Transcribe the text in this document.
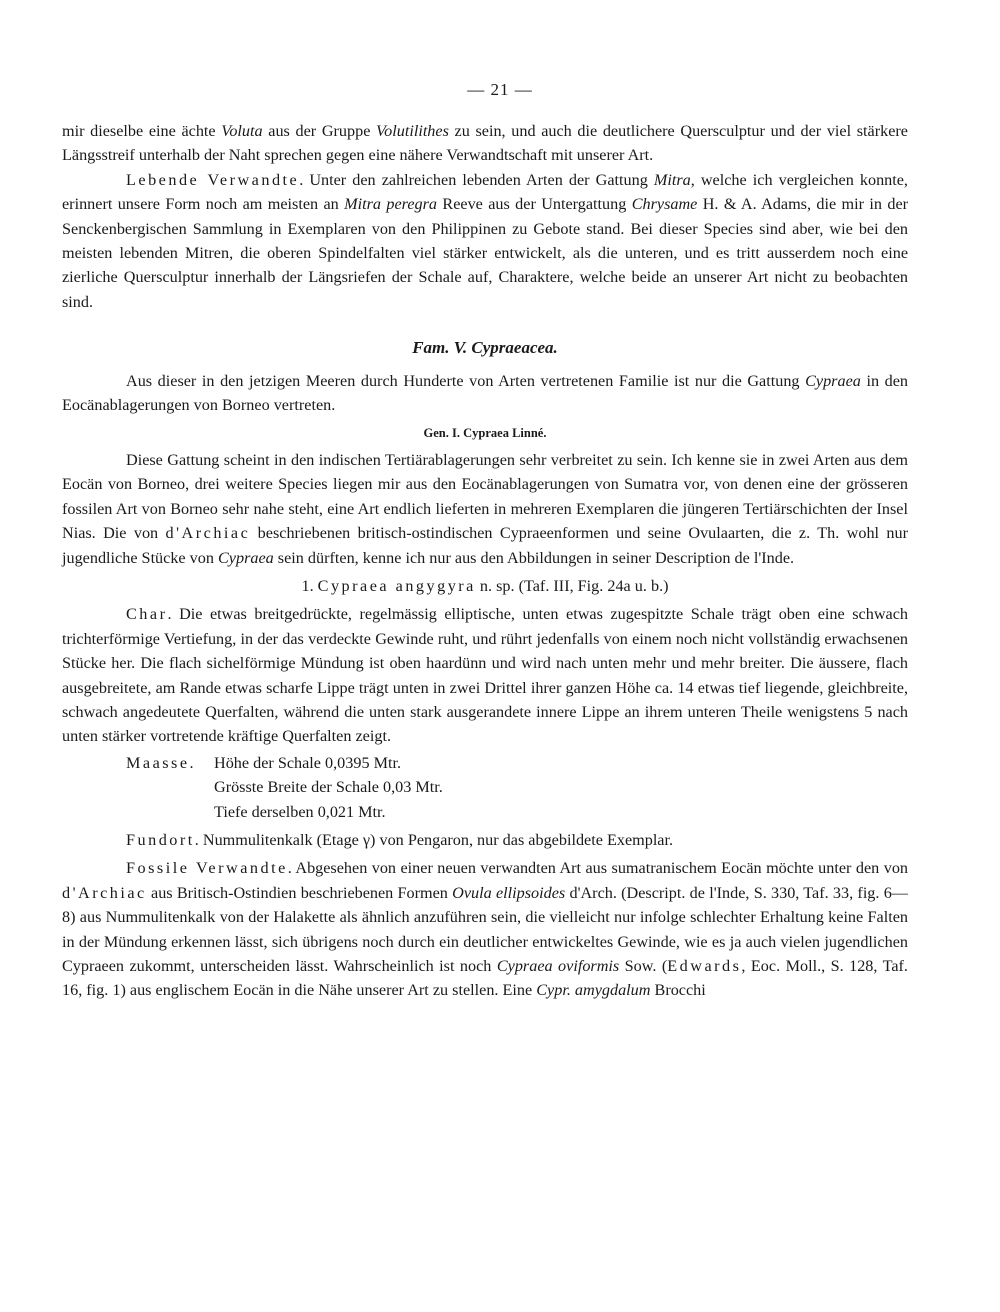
— 21 —

mir dieselbe eine ächte Voluta aus der Gruppe Volutilithes zu sein, und auch die deutlichere Quersculptur und der viel stärkere Längsstreif unterhalb der Naht sprechen gegen eine nähere Verwandtschaft mit unserer Art.

Lebende Verwandte. Unter den zahlreichen lebenden Arten der Gattung Mitra, welche ich vergleichen konnte, erinnert unsere Form noch am meisten an Mitra peregra Reeve aus der Untergattung Chrysame H. & A. Adams, die mir in der Senckenbergischen Sammlung in Exemplaren von den Philippinen zu Gebote stand. Bei dieser Species sind aber, wie bei den meisten lebenden Mitren, die oberen Spindelfalten viel stärker entwickelt, als die unteren, und es tritt ausserdem noch eine zierliche Quersculptur innerhalb der Längsriefen der Schale auf, Charaktere, welche beide an unserer Art nicht zu beobachten sind.

Fam. V. Cypraeacea.

Aus dieser in den jetzigen Meeren durch Hunderte von Arten vertretenen Familie ist nur die Gattung Cypraea in den Eocänablagerungen von Borneo vertreten.

Gen. I. Cypraea Linné.

Diese Gattung scheint in den indischen Tertiärablagerungen sehr verbreitet zu sein. Ich kenne sie in zwei Arten aus dem Eocän von Borneo, drei weitere Species liegen mir aus den Eocänablagerungen von Sumatra vor, von denen eine der grösseren fossilen Art von Borneo sehr nahe steht, eine Art endlich lieferten in mehreren Exemplaren die jüngeren Tertiärschichten der Insel Nias. Die von d'Archiac beschriebenen britisch-ostindischen Cypraeenformen und seine Ovulaarten, die z. Th. wohl nur jugendliche Stücke von Cypraea sein dürften, kenne ich nur aus den Abbildungen in seiner Description de l'Inde.

1. Cypraea angygyra n. sp. (Taf. III, Fig. 24a u. b.)

Char. Die etwas breitgedrückte, regelmässig elliptische, unten etwas zugespitzte Schale trägt oben eine schwach trichterförmige Vertiefung, in der das verdeckte Gewinde ruht, und rührt jedenfalls von einem noch nicht vollständig erwachsenen Stücke her. Die flach sichelförmige Mündung ist oben haardünn und wird nach unten mehr und mehr breiter. Die äussere, flach ausgebreitete, am Rande etwas scharfe Lippe trägt unten in zwei Drittel ihrer ganzen Höhe ca. 14 etwas tief liegende, gleichbreite, schwach angedeutete Querfalten, während die unten stark ausgerandete innere Lippe an ihrem unteren Theile wenigstens 5 nach unten stärker vortretende kräftige Querfalten zeigt.

Maasse.	Höhe der Schale 0,0395 Mtr.
Grösste Breite der Schale 0,03 Mtr.
Tiefe derselben 0,021 Mtr.

Fundort. Nummulitenkalk (Etage γ) von Pengaron, nur das abgebildete Exemplar.

Fossile Verwandte. Abgesehen von einer neuen verwandten Art aus sumatranischem Eocän möchte unter den von d'Archiac aus Britisch-Ostindien beschriebenen Formen Ovula ellipsoides d'Arch. (Descript. de l'Inde, S. 330, Taf. 33, fig. 6—8) aus Nummulitenkalk von der Halakette als ähnlich anzuführen sein, die vielleicht nur infolge schlechter Erhaltung keine Falten in der Mündung erkennen lässt, sich übrigens noch durch ein deutlicher entwickeltes Gewinde, wie es ja auch vielen jugendlichen Cypraeen zukommt, unterscheiden lässt. Wahrscheinlich ist noch Cypraea oviformis Sow. (Edwards, Eoc. Moll., S. 128, Taf. 16, fig. 1) aus englischem Eocän in die Nähe unserer Art zu stellen. Eine Cypr. amygdalum Brocchi
